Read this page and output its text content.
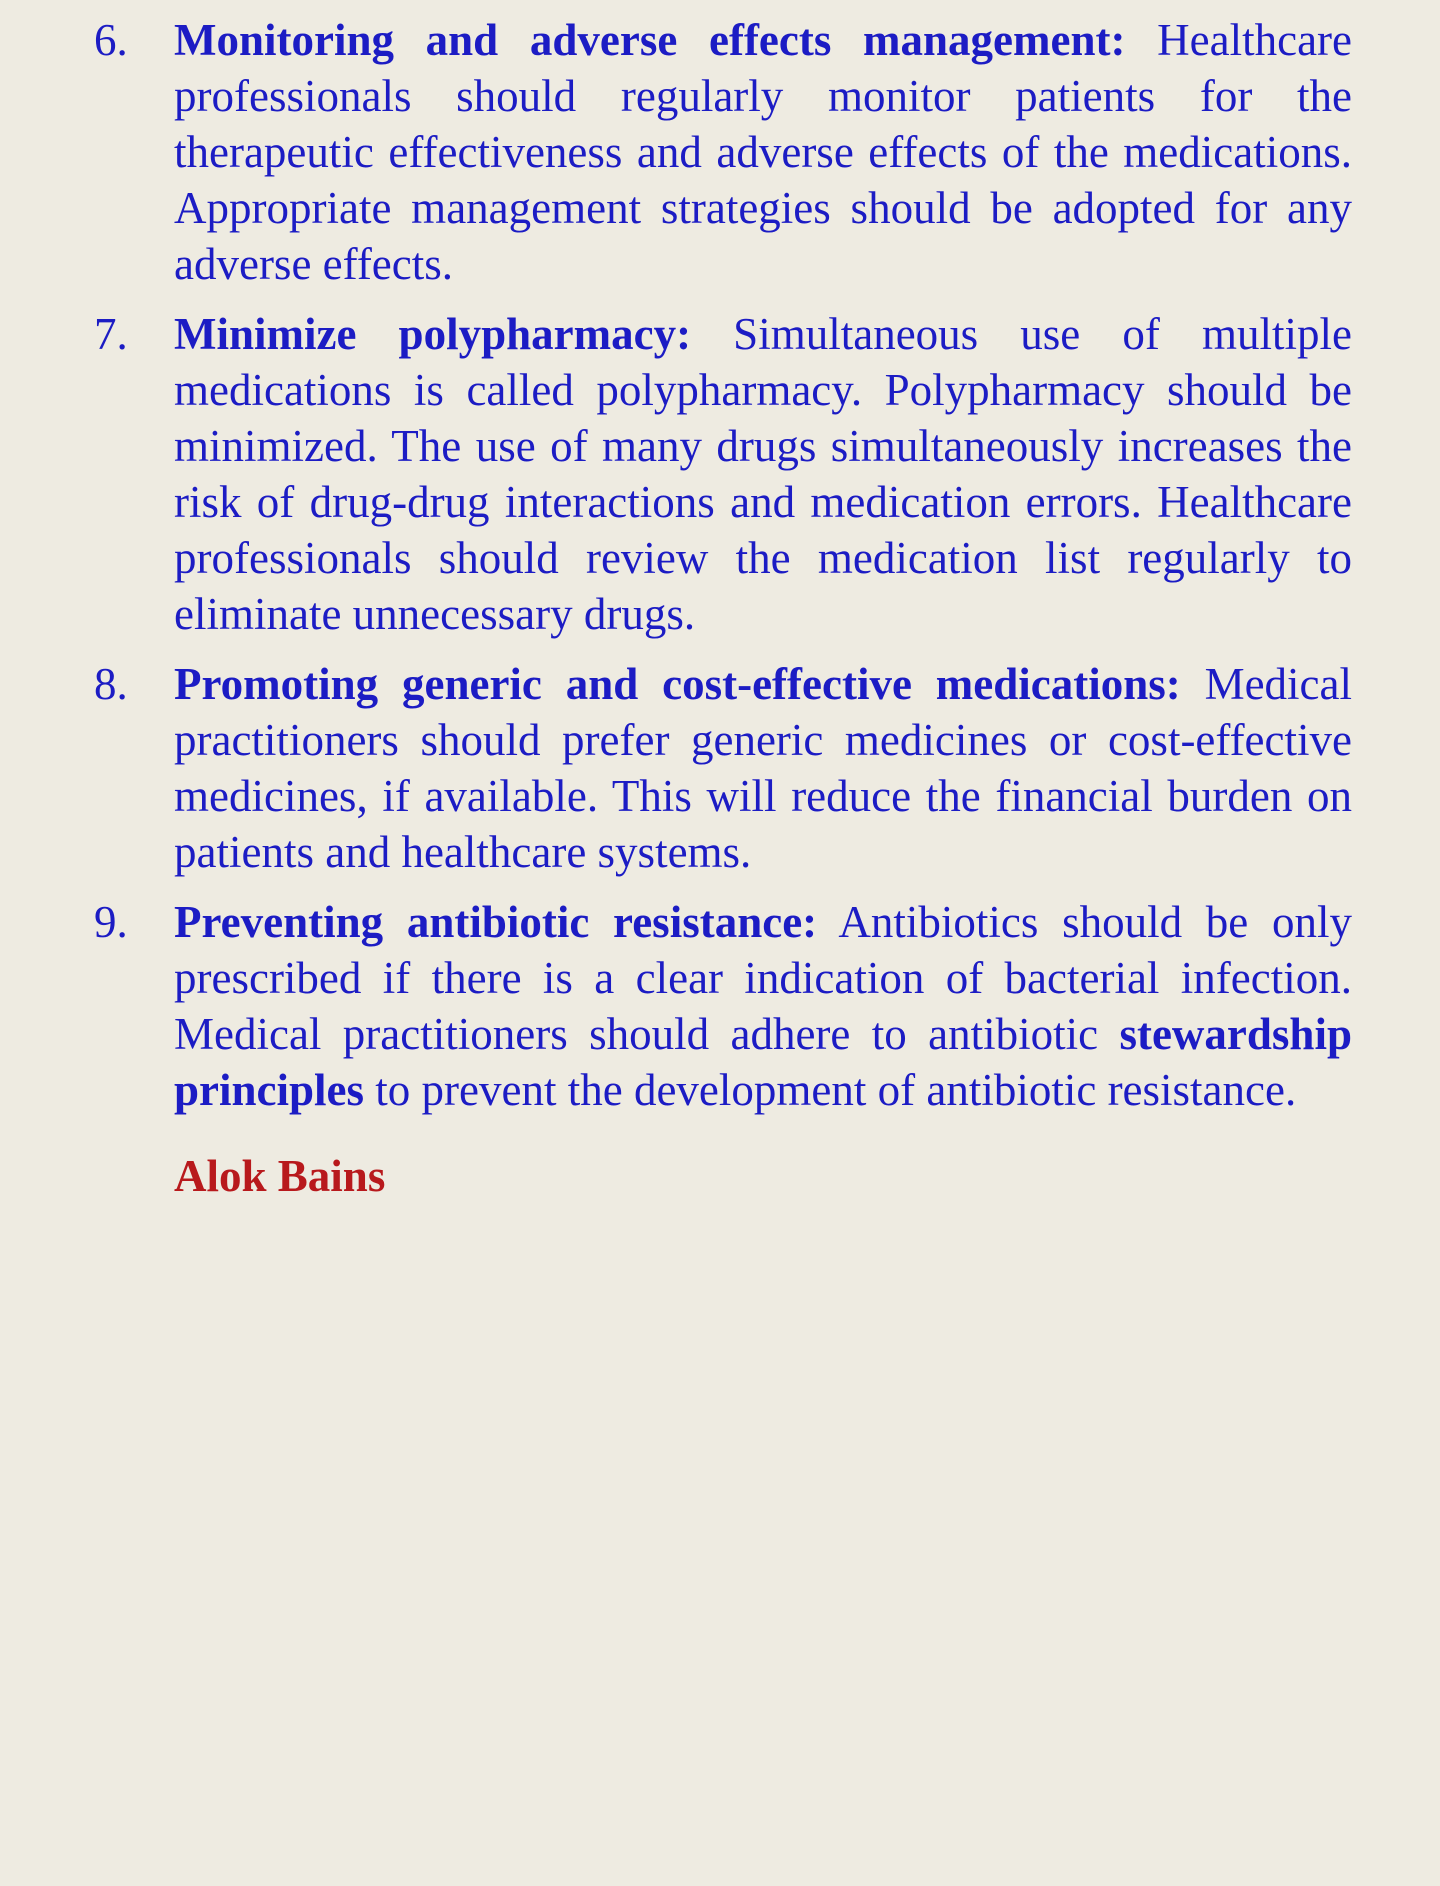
6.	Monitoring and adverse effects management: Healthcare professionals should regularly monitor patients for the therapeutic effectiveness and adverse effects of the medications. Appropriate management strategies should be adopted for any adverse effects.
7.	Minimize polypharmacy: Simultaneous use of multiple medications is called polypharmacy. Polypharmacy should be minimized. The use of many drugs simultaneously increases the risk of drug-drug interactions and medication errors. Healthcare professionals should review the medication list regularly to eliminate unnecessary drugs.
8.	Promoting generic and cost-effective medications: Medical practitioners should prefer generic medicines or cost-effective medicines, if available. This will reduce the financial burden on patients and healthcare systems.
9.	Preventing antibiotic resistance: Antibiotics should be only prescribed if there is a clear indication of bacterial infection. Medical practitioners should adhere to antibiotic stewardship principles to prevent the development of antibiotic resistance.
Alok Bains
